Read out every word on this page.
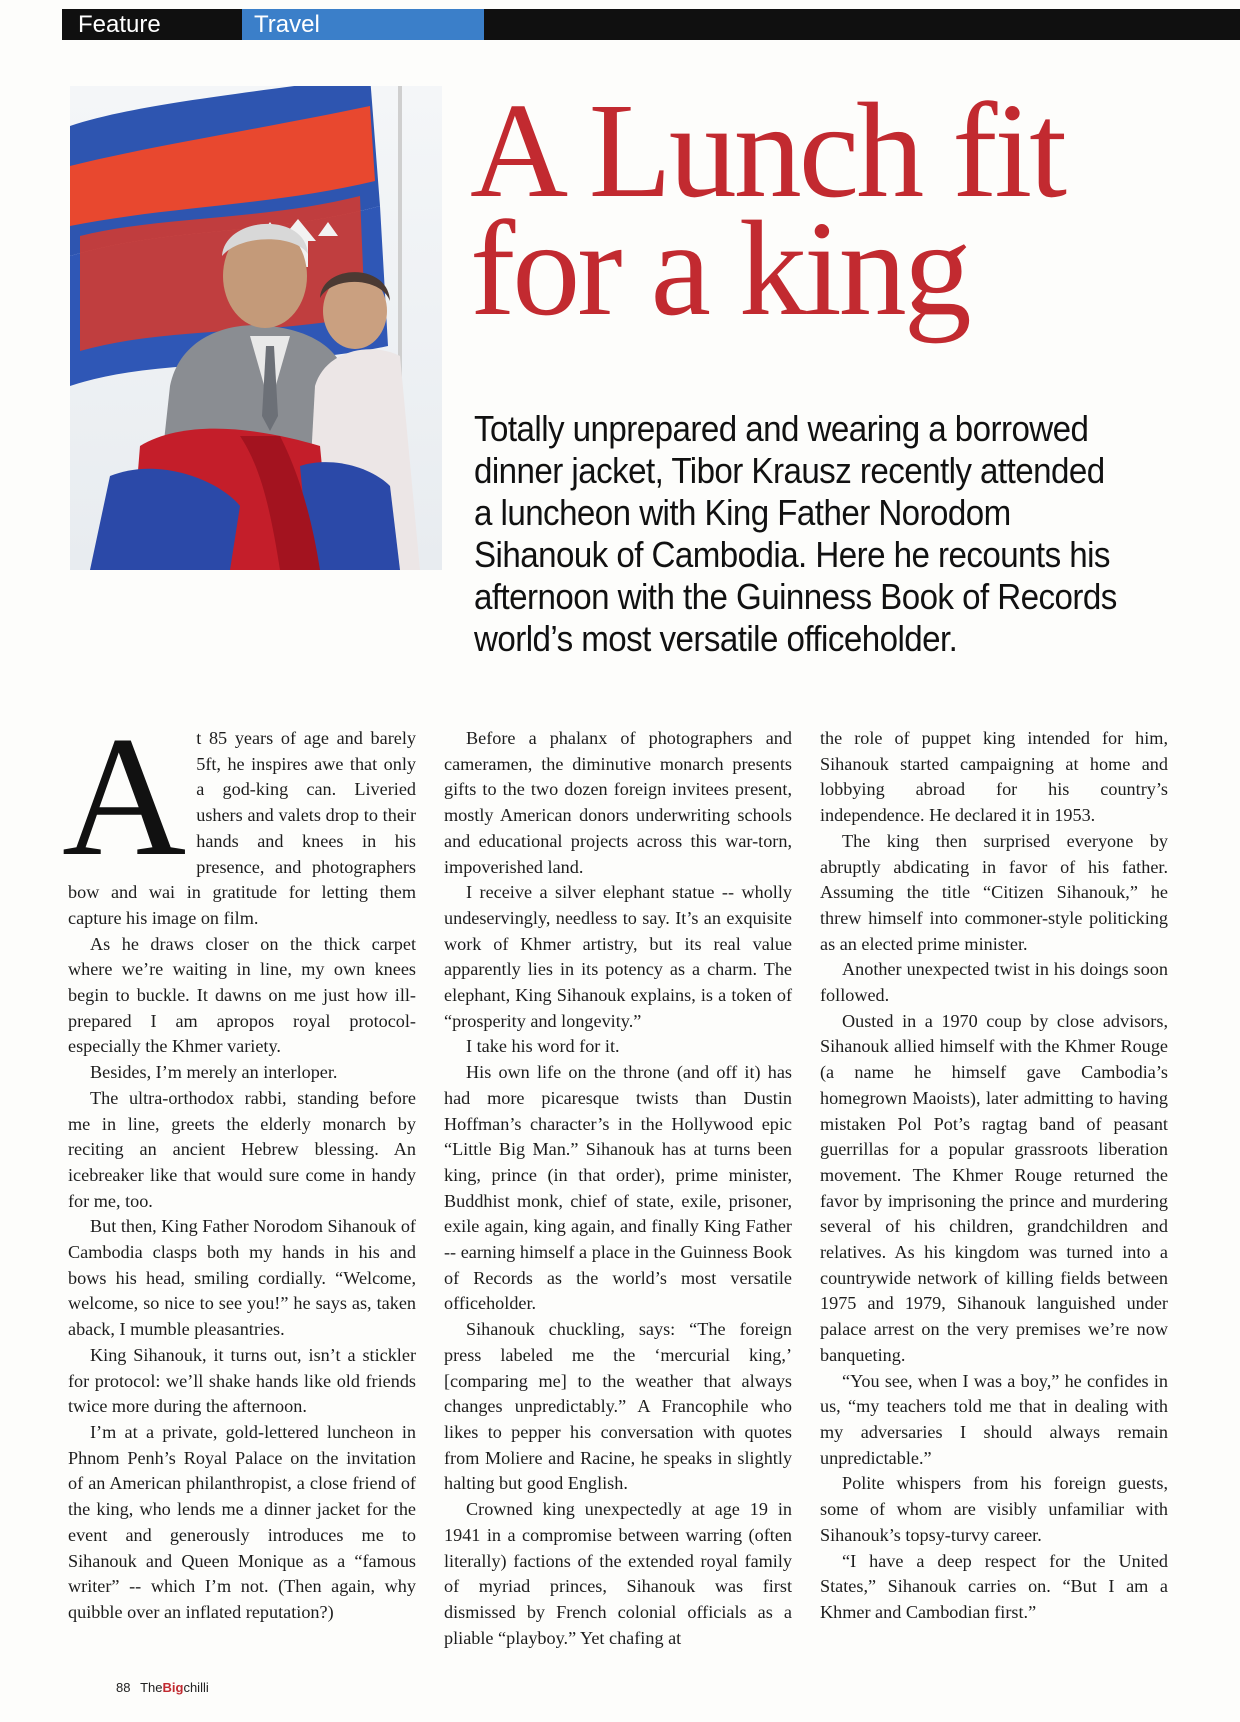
Feature	Travel
A Lunch fit
for a king

Totally unprepared and wearing a borrowed dinner jacket, Tibor Krausz recently attended a luncheon with King Father Norodom Sihanouk of Cambodia. Here he recounts his afternoon with the Guinness Book of Records world’s most versatile officeholder.

A t 85 years of age and barely 5ft, he inspires awe that only a god-king can. Liveried ushers and valets drop to their hands and knees in his presence, and photographers bow and wai in gratitude for letting them capture his image on film.

As he draws closer on the thick carpet where we’re waiting in line, my own knees begin to buckle. It dawns on me just how ill-prepared I am apropos royal protocol-especially the Khmer variety.

Besides, I’m merely an interloper.

The ultra-orthodox rabbi, standing before me in line, greets the elderly monarch by reciting an ancient Hebrew blessing. An icebreaker like that would sure come in handy for me, too.

But then, King Father Norodom Sihanouk of Cambodia clasps both my hands in his and bows his head, smiling cordially. “Welcome, welcome, so nice to see you!” he says as, taken aback, I mumble pleasantries.

King Sihanouk, it turns out, isn’t a stickler for protocol: we’ll shake hands like old friends twice more during the afternoon.

I’m at a private, gold-lettered luncheon in Phnom Penh’s Royal Palace on the invitation of an American philanthropist, a close friend of the king, who lends me a dinner jacket for the event and generously introduces me to Sihanouk and Queen Monique as a “famous writer” -- which I’m not. (Then again, why quibble over an inflated reputation?)

Before a phalanx of photographers and cameramen, the diminutive monarch presents gifts to the two dozen foreign invitees present, mostly American donors underwriting schools and educational projects across this war-torn, impoverished land.

I receive a silver elephant statue -- wholly undeservingly, needless to say. It’s an exquisite work of Khmer artistry, but its real value apparently lies in its potency as a charm. The elephant, King Sihanouk explains, is a token of “prosperity and longevity.”

I take his word for it.

His own life on the throne (and off it) has had more picaresque twists than Dustin Hoffman’s character’s in the Hollywood epic “Little Big Man.” Sihanouk has at turns been king, prince (in that order), prime minister, Buddhist monk, chief of state, exile, prisoner, exile again, king again, and finally King Father -- earning himself a place in the Guinness Book of Records as the world’s most versatile officeholder.

Sihanouk chuckling, says: “The foreign press labeled me the ‘mercurial king,’ [comparing me] to the weather that always changes unpredictably.” A Francophile who likes to pepper his conversation with quotes from Moliere and Racine, he speaks in slightly halting but good English.

Crowned king unexpectedly at age 19 in 1941 in a compromise between warring (often literally) factions of the extended royal family of myriad princes, Sihanouk was first dismissed by French colonial officials as a pliable “playboy.” Yet chafing at

the role of puppet king intended for him, Sihanouk started campaigning at home and lobbying abroad for his country’s independence. He declared it in 1953.

The king then surprised everyone by abruptly abdicating in favor of his father. Assuming the title “Citizen Sihanouk,” he threw himself into commoner-style politicking as an elected prime minister.

Another unexpected twist in his doings soon followed.

Ousted in a 1970 coup by close advisors, Sihanouk allied himself with the Khmer Rouge (a name he himself gave Cambodia’s homegrown Maoists), later admitting to having mistaken Pol Pot’s ragtag band of peasant guerrillas for a popular grassroots liberation movement. The Khmer Rouge returned the favor by imprisoning the prince and murdering several of his children, grandchildren and relatives. As his kingdom was turned into a countrywide network of killing fields between 1975 and 1979, Sihanouk languished under palace arrest on the very premises we’re now banqueting.

“You see, when I was a boy,” he confides in us, “my teachers told me that in dealing with my adversaries I should always remain unpredictable.”

Polite whispers from his foreign guests, some of whom are visibly unfamiliar with Sihanouk’s topsy-turvy career.

“I have a deep respect for the United States,” Sihanouk carries on. “But I am a Khmer and Cambodian first.”

88 TheBigchilli
